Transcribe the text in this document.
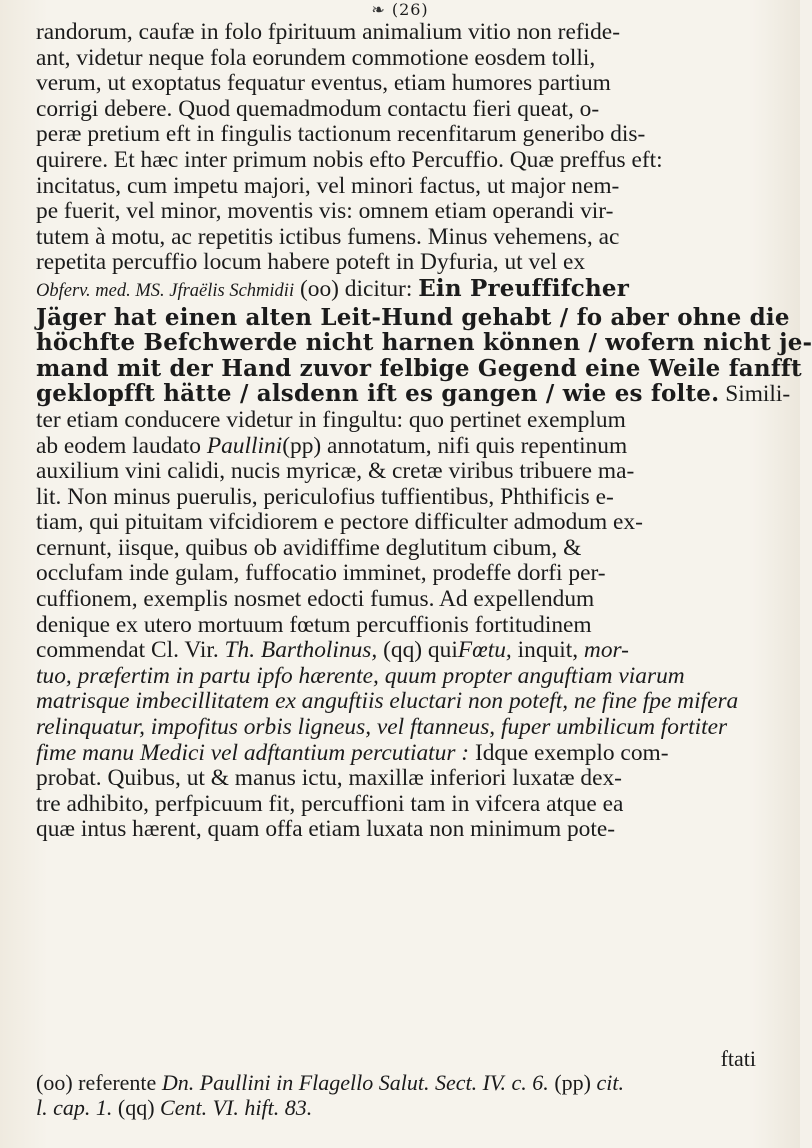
❧ (26)
randorum, caufæ in folo fpirituum animalium vitio non refide-
ant, videtur neque fola eorundem commotione eosdem tolli,
verum, ut exoptatus fequatur eventus, etiam humores partium
corrigi debere. Quod quemadmodum contactu fieri queat, o-
peræ pretium eft in fingulis tactionum recenfitarum generibo dis-
quirere. Et hæc inter primum nobis efto Percuffio. Quæ preffus eft:
incitatus, cum impetu majori, vel minori factus, ut major nem-
pe fuerit, vel minor, moventis vis: omnem etiam operandi vir-
tutem à motu, ac repetitis ictibus fumens. Minus vehemens, ac
repetita percuffio locum habere poteft in Dyfuria, ut vel ex
Obferv. med. MS. Jfraëlis Schmidii (oo) dicitur: Ein Preuffifcher
Jäger hat einen alten Leit-Hund gehabt / fo aber ohne die
höchfte Befchwerde nicht harnen können / wofern nicht je-
mand mit der Hand zuvor felbige Gegend eine Weile fanfft
geklopfft hätte / alsdenn ift es gangen / wie es folte. Simili-
ter etiam conducere videtur in fingultu: quo pertinet exemplum
ab eodem laudato Paullini(pp) annotatum, nifi quis repentinum
auxilium vini calidi, nucis myricæ, & cretæ viribus tribuere ma-
lit. Non minus puerulis, periculofius tuffientibus, Phthificis e-
tiam, qui pituitam vifcidiorem e pectore difficulter admodum ex-
cernunt, iisque, quibus ob avidiffime deglutitum cibum, &
occlufam inde gulam, fuffocatio imminet, prodeffe dorfi per-
cuffionem, exemplis nosmet edocti fumus. Ad expellendum
denique ex utero mortuum fœtum percuffionis fortitudinem
commendat Cl. Vir. Th. Bartholinus, (qq) quiFœtu, inquit, mor-
tuo, præfertim in partu ipfo hærente, quum propter anguftiam viarum
matrisque imbecillitatem ex anguftiis eluctari non poteft, ne fine fpe mifera
relinquatur, impofitus orbis ligneus, vel ftanneus, fuper umbilicum fortiter
fime manu Medici vel adftantium percutiatur : Idque exemplo com-
probat. Quibus, ut & manus ictu, maxillæ inferiori luxatæ dex-
tre adhibito, perfpicuum fit, percuffioni tam in vifcera atque ea
quæ intus hærent, quam offa etiam luxata non minimum pote-
ftati
(oo) referente Dn. Paullini in Flagello Salut. Sect. IV. c. 6. (pp) cit.
l. cap. 1. (qq) Cent. VI. hift. 83.
